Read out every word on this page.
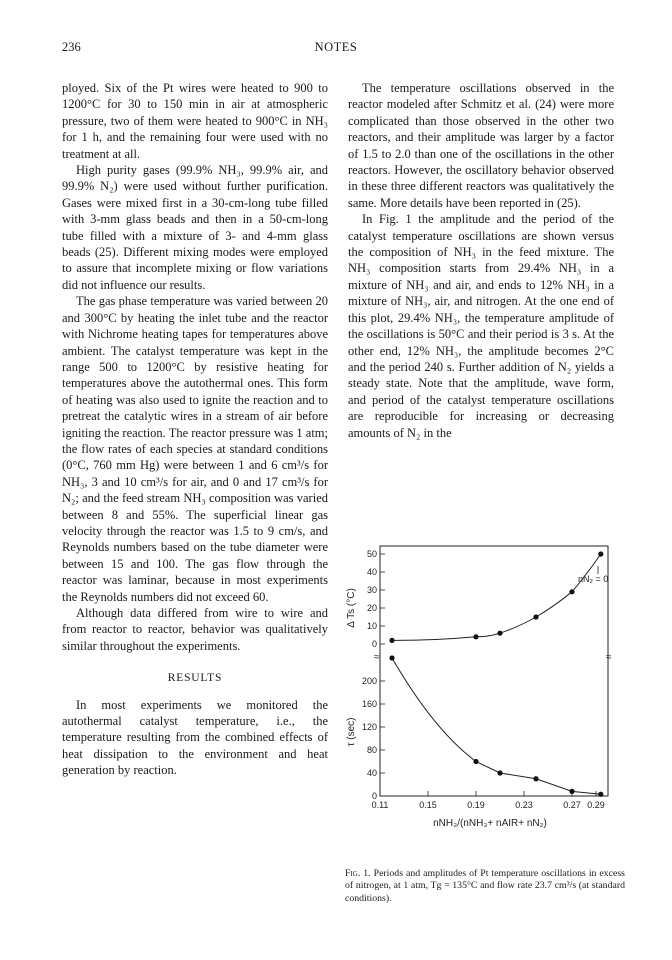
236	NOTES

ployed. Six of the Pt wires were heated to 900 to 1200°C for 30 to 150 min in air at atmospheric pressure, two of them were heated to 900°C in NH₃ for 1 h, and the remaining four were used with no treatment at all.

High purity gases (99.9% NH₃, 99.9% air, and 99.9% N₂) were used without further purification. Gases were mixed first in a 30-cm-long tube filled with 3-mm glass beads and then in a 50-cm-long tube filled with a mixture of 3- and 4-mm glass beads (25). Different mixing modes were employed to assure that incomplete mixing or flow variations did not influence our results.

The gas phase temperature was varied between 20 and 300°C by heating the inlet tube and the reactor with Nichrome heating tapes for temperatures above ambient. The catalyst temperature was kept in the range 500 to 1200°C by resistive heating for temperatures above the autothermal ones. This form of heating was also used to ignite the reaction and to pretreat the catalytic wires in a stream of air before igniting the reaction. The reactor pressure was 1 atm; the flow rates of each species at standard conditions (0°C, 760 mm Hg) were between 1 and 6 cm³/s for NH₃, 3 and 10 cm³/s for air, and 0 and 17 cm³/s for N₂; and the feed stream NH₃ composition was varied between 8 and 55%. The superficial linear gas velocity through the reactor was 1.5 to 9 cm/s, and Reynolds numbers based on the tube diameter were between 15 and 100. The gas flow through the reactor was laminar, because in most experiments the Reynolds numbers did not exceed 60.

Although data differed from wire to wire and from reactor to reactor, behavior was qualitatively similar throughout the experiments.

RESULTS

In most experiments we monitored the autothermal catalyst temperature, i.e., the temperature resulting from the combined effects of heat dissipation to the environment and heat generation by reaction.

The temperature oscillations observed in the reactor modeled after Schmitz et al. (24) were more complicated than those observed in the other two reactors, and their amplitude was larger by a factor of 1.5 to 2.0 than one of the oscillations in the other reactors. However, the oscillatory behavior observed in these three different reactors was qualitatively the same. More details have been reported in (25).

In Fig. 1 the amplitude and the period of the catalyst temperature oscillations are shown versus the composition of NH₃ in the feed mixture. The NH₃ composition starts from 29.4% NH₃ in a mixture of NH₃ and air, and ends to 12% NH₃ in a mixture of NH₃, air, and nitrogen. At the one end of this plot, 29.4% NH₃, the temperature amplitude of the oscillations is 50°C and their period is 3 s. At the other end, 12% NH₃, the amplitude becomes 2°C and the period 240 s. Further addition of N₂ yields a steady state. Note that the amplitude, wave form, and period of the catalyst temperature oscillations are reproducible for increasing or decreasing amounts of N₂ in the

≈	≈
Δ Ts (°C)
τ (sec)
nN₂ = 0
nNH₃/(nNH₃+ nAIR+ nN₂)
0
10
20
30
40
50
0
40
80
120
160
200
0.11	0.15	0.19	0.23	0.27 0.29
Fig. 1. Periods and amplitudes of Pt temperature oscillations in excess of nitrogen, at 1 atm, Tg = 135°C and flow rate 23.7 cm³/s (at standard conditions).
